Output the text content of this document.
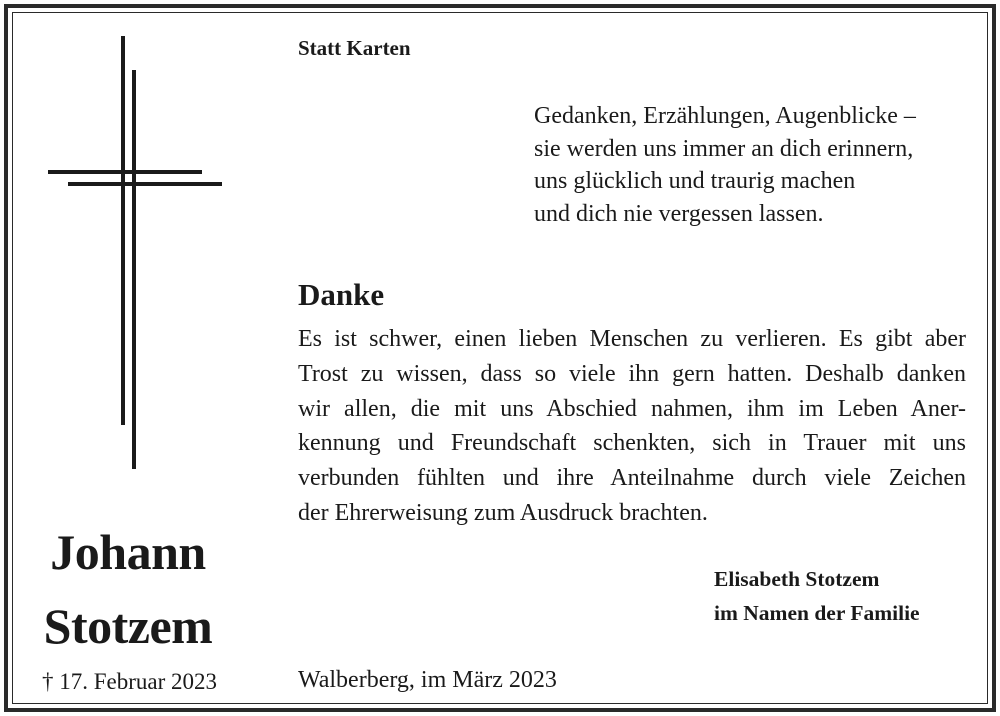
Johann
Stotzem
† 17. Februar 2023
Statt Karten
Gedanken, Erzählungen, Augenblicke –
sie werden uns immer an dich erinnern,
uns glücklich und traurig machen
und dich nie vergessen lassen.
Danke
Es ist schwer, einen lieben Menschen zu verlieren. Es gibt aber
Trost zu wissen, dass so viele ihn gern hatten. Deshalb danken
wir allen, die mit uns Abschied nahmen, ihm im Leben Aner-
kennung und Freundschaft schenkten, sich in Trauer mit uns
verbunden fühlten und ihre Anteilnahme durch viele Zeichen
der Ehrerweisung zum Ausdruck brachten.
Elisabeth Stotzem
im Namen der Familie
Walberberg, im März 2023
